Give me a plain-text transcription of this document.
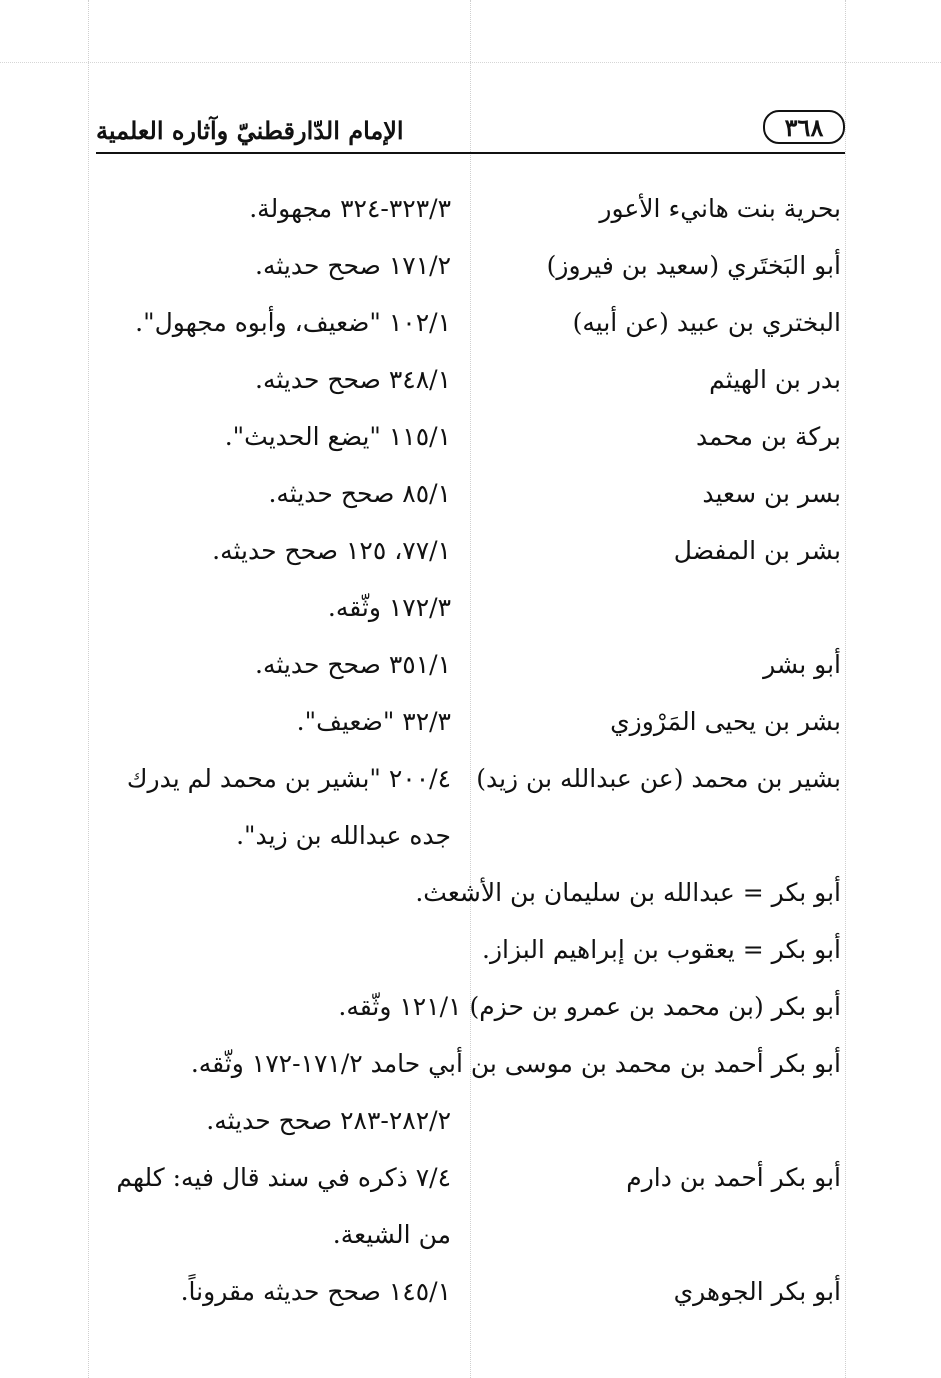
الإمام الدّارقطنيّ وآثاره العلمية	٣٦٨
بحرية بنت هانيء الأعور
٣٢٣/٣-٣٢٤ مجهولة.
أبو البَختَري (سعيد بن فيروز)
١٧١/٢ صحح حديثه.
البختري بن عبيد (عن أبيه)
١٠٢/١ "ضعيف، وأبوه مجهول".
بدر بن الهيثم
٣٤٨/١ صحح حديثه.
بركة بن محمد
١١٥/١ "يضع الحديث".
بسر بن سعيد
٨٥/١ صحح حديثه.
بشر بن المفضل
٧٧/١، ١٢٥ صحح حديثه.
١٧٢/٣ وثّقه.
أبو بشر
٣٥١/١ صحح حديثه.
بشر بن يحيى المَرْوزي
٣٢/٣ "ضعيف".
بشير بن محمد (عن عبدالله بن زيد)
٢٠٠/٤ "بشير بن محمد لم يدرك
جده عبدالله بن زيد".
أبو بكر = عبدالله بن سليمان بن الأشعث.
أبو بكر = يعقوب بن إبراهيم البزاز.
أبو بكر (بن محمد بن عمرو بن حزم) ١٢١/١ وثّقه.
أبو بكر أحمد بن محمد بن موسى بن أبي حامد ١٧١/٢-١٧٢ وثّقه.
٢٨٢/٢-٢٨٣ صحح حديثه.
أبو بكر أحمد بن دارم
٧/٤ ذكره في سند قال فيه: كلهم
من الشيعة.
أبو بكر الجوهري
١٤٥/١ صحح حديثه مقروناً.
